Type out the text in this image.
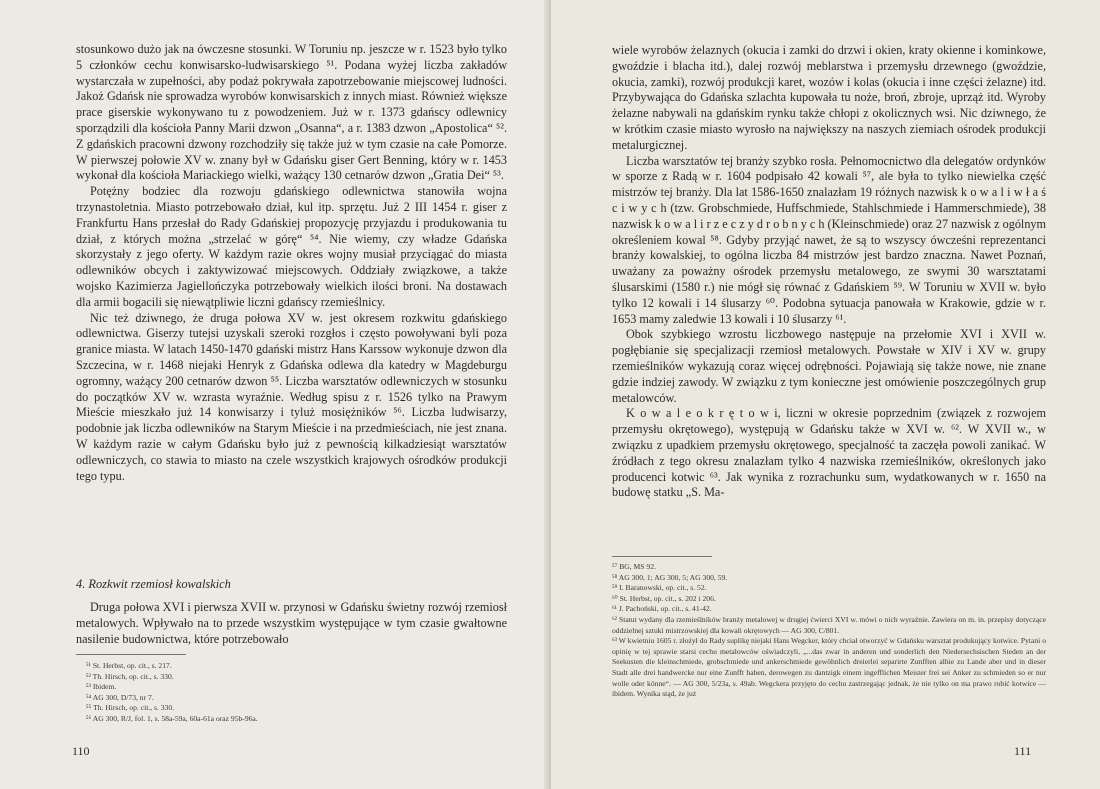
stosunkowo dużo jak na ówczesne stosunki. W Toruniu np. jeszcze w r. 1523 było tylko 5 członków cechu konwisarsko-ludwisarskiego ⁵¹. Podana wyżej liczba zakładów wystarczała w zupełności, aby podaż pokrywała zapotrzebowanie miejscowej ludności. Jakoż Gdańsk nie sprowadza wyrobów konwisarskich z innych miast. Również większe prace giserskie wykonywano tu z powodzeniem. Już w r. 1373 gdańscy odlewnicy sporządzili dla kościoła Panny Marii dzwon „Osanna“, a r. 1383 dzwon „Apostolica“ ⁵². Z gdańskich pracowni dzwony rozchodziły się także już w tym czasie na całe Pomorze. W pierwszej połowie XV w. znany był w Gdańsku giser Gert Benning, który w r. 1453 wykonał dla kościoła Mariackiego wielki, ważący 130 cetnarów dzwon „Gratia Dei“ ⁵³.

Potężny bodziec dla rozwoju gdańskiego odlewnictwa stanowiła wojna trzynastoletnia. Miasto potrzebowało dział, kul itp. sprzętu. Już 2 III 1454 r. giser z Frankfurtu Hans przesłał do Rady Gdańskiej propozycję przyjazdu i produkowania tu dział, z których można „strzelać w górę“ ⁵⁴. Nie wiemy, czy władze Gdańska skorzystały z jego oferty. W każdym razie okres wojny musiał przyciągać do miasta odlewników obcych i zaktywizować miejscowych. Oddziały związkowe, a także wojsko Kazimierza Jagiellończyka potrzebowały wielkich ilości broni. Na dostawach dla armii bogacili się niewątpliwie liczni gdańscy rzemieślnicy.

Nic też dziwnego, że druga połowa XV w. jest okresem rozkwitu gdańskiego odlewnictwa. Giserzy tutejsi uzyskali szeroki rozgłos i często powoływani byli poza granice miasta. W latach 1450-1470 gdański mistrz Hans Karssow wykonuje dzwon dla Szczecina, w r. 1468 niejaki Henryk z Gdańska odlewa dla katedry w Magdeburgu ogromny, ważący 200 cetnarów dzwon ⁵⁵. Liczba warsztatów odlewniczych w stosunku do początków XV w. wzrasta wyraźnie. Według spisu z r. 1526 tylko na Prawym Mieście mieszkało już 14 konwisarzy i tyluż mosiężników ⁵⁶. Liczba ludwisarzy, podobnie jak liczba odlewników na Starym Mieście i na przedmieściach, nie jest znana. W każdym razie w całym Gdańsku było już z pewnością kilkadziesiąt warsztatów odlewniczych, co stawia to miasto na czele wszystkich krajowych ośrodków produkcji tego typu.

4. Rozkwit rzemiosł kowalskich

Druga połowa XVI i pierwsza XVII w. przynosi w Gdańsku świetny rozwój rzemiosł metalowych. Wpływało na to przede wszystkim występujące w tym czasie gwałtowne nasilenie budownictwa, które potrzebowało

⁵¹ St. Herbst, op. cit., s. 217.

⁵² Th. Hirsch, op. cit., s. 330.

⁵³ Ibidem.

⁵⁴ AG 300, D/73, nr 7.

⁵⁵ Th. Hirsch, op. cit., s. 330.

⁵⁶ AG 300, R/J, fol. 1, s. 58a-59a, 60a-61a oraz 95b-96a.

110

wiele wyrobów żelaznych (okucia i zamki do drzwi i okien, kraty okienne i kominkowe, gwoździe i blacha itd.), dalej rozwój meblarstwa i przemysłu drzewnego (gwoździe, okucia, zamki), rozwój produkcji karet, wozów i kolas (okucia i inne części żelazne) itd. Przybywająca do Gdańska szlachta kupowała tu noże, broń, zbroje, uprząż itd. Wyroby żelazne nabywali na gdańskim rynku także chłopi z okolicznych wsi. Nic dziwnego, że w krótkim czasie miasto wyrosło na największy na naszych ziemiach ośrodek produkcji metalurgicznej.

Liczba warsztatów tej branży szybko rosła. Pełnomocnictwo dla delegatów ordynków w sporze z Radą w r. 1604 podpisało 42 kowali ⁵⁷, ale była to tylko niewielka część mistrzów tej branży. Dla lat 1586-1650 znalazłam 19 różnych nazwisk k o w a l i w ł a ś c i w y c h (tzw. Grobschmiede, Huffschmiede, Stahlschmiede i Hammerschmiede), 38 nazwisk k o w a l i r z e c z y d r o b n y c h (Kleinschmiede) oraz 27 nazwisk z ogólnym określeniem kowal ⁵⁸. Gdyby przyjąć nawet, że są to wszyscy ówcześni reprezentanci branży kowalskiej, to ogólna liczba 84 mistrzów jest bardzo znaczna. Nawet Poznań, uważany za poważny ośrodek przemysłu metalowego, ze swymi 30 warsztatami ślusarskimi (1580 r.) nie mógł się równać z Gdańskiem ⁵⁹. W Toruniu w XVII w. było tylko 12 kowali i 14 ślusarzy ⁶⁰. Podobna sytuacja panowała w Krakowie, gdzie w r. 1653 mamy zaledwie 13 kowali i 10 ślusarzy ⁶¹.

Obok szybkiego wzrostu liczbowego następuje na przełomie XVI i XVII w. pogłębianie się specjalizacji rzemiosł metalowych. Powstałe w XIV i XV w. grupy rzemieślników wykazują coraz więcej odrębności. Pojawiają się także nowe, nie znane gdzie indziej zawody. W związku z tym konieczne jest omówienie poszczególnych grup metalowców.

K o w a l e o k r ę t o w i, liczni w okresie poprzednim (związek z rozwojem przemysłu okrętowego), występują w Gdańsku także w XVI w. ⁶². W XVII w., w związku z upadkiem przemysłu okrętowego, specjalność ta zaczęła powoli zanikać. W źródłach z tego okresu znalazłam tylko 4 nazwiska rzemieślników, określonych jako producenci kotwic ⁶³. Jak wynika z rozrachunku sum, wydatkowanych w r. 1650 na budowę statku „S. Ma-

⁵⁷ BG, MS 92.

⁵⁸ AG 300, 1; AG 300, 5; AG 300, 59.

⁵⁹ I. Baranowski, op. cit., s. 52.

⁶⁰ St. Herbst, op. cit., s. 202 i 206.

⁶¹ J. Pachoński, op. cit., s. 41-42.

⁶² Statut wydany dla rzemieślników branży metalowej w drugiej ćwierci XVI w. mówi o nich wyraźnie. Zawiera on m. in. przepisy dotyczące oddzielnej sztuki mistrzowskiej dla kowali okrętowych — AG 300, C/801.

⁶³ W kwietniu 1605 r. złożył do Rady suplikę niejaki Hans Wegcker, który chciał otworzyć w Gdańsku warsztat produkujący kotwice. Pytani o opinię w tej sprawie starsi cechu metalowców oświadczyli, „...das zwar in anderen und sonderlich den Niedersechsischen Steden an der Seekusten die kleinschmiede, grobschmiede und ankerschmiede gewöhnlich dreierlei separirte Zunfften alhie zu Lande aber und in dieser Stadt alle drei handwercke nur eine Zunfft haben, derowegen zu dantzigk einem ingefflichen Meister frei sei Anker zu schmieden so er nur wolle oder könne“. — AG 300, 5/23a, s. 49ab. Wegckera przyjęto do cechu zastrzegając jednak, że nie tylko on ma prawo robić kotwice — ibidem. Wynika stąd, że już

111
